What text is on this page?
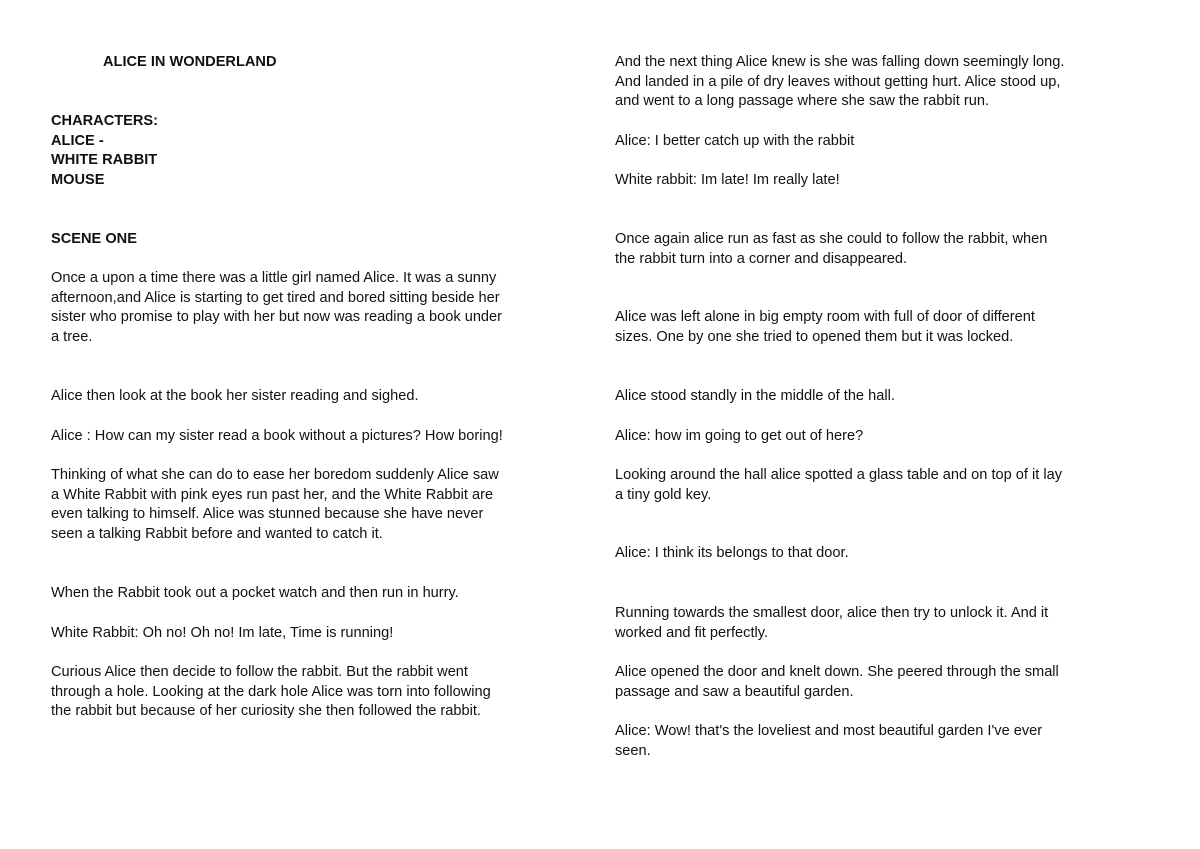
ALICE IN WONDERLAND
CHARACTERS:
ALICE -
WHITE RABBIT
MOUSE
SCENE ONE
Once a upon a time there was a little girl named Alice. It was a sunny
afternoon,and Alice is starting to get tired and bored sitting beside her
sister who promise to play with her but now was reading a book under
a tree.
Alice then look at the book her sister reading and sighed.
Alice : How can my sister read a book without a pictures? How boring!
Thinking of what she can do to ease her boredom suddenly Alice saw
a White Rabbit with pink eyes run past her, and the White Rabbit are
even talking to himself. Alice was stunned because she have never
seen a talking Rabbit before and wanted to catch it.
When the Rabbit took out a pocket watch and then run in hurry.
White Rabbit: Oh no! Oh no! Im late, Time is running!
Curious Alice then decide to follow the rabbit. But the rabbit went
through a hole. Looking at the dark hole Alice was torn into following
the rabbit but because of her curiosity she then followed the rabbit.
And the next thing Alice knew is she was falling down seemingly long.
And landed in a pile of dry leaves without getting hurt. Alice stood up,
and went to a long passage where she saw the rabbit run.
Alice: I better catch up with the rabbit
White rabbit: Im late! Im really late!
Once again alice run as fast as she could to follow the rabbit, when
the rabbit turn into a corner and disappeared.
Alice was left alone in big empty room with full of door of different
sizes. One by one she tried to opened them but it was locked.
Alice stood standly in the middle of the hall.
Alice: how im going to get out of here?
Looking around the hall alice spotted a glass table and on top of it lay
a tiny gold key.
Alice: I think its belongs to that door.
Running towards the smallest door, alice then try to unlock it. And it
worked and fit perfectly.
Alice opened the door and knelt down. She peered through the small
passage and saw a beautiful garden.
Alice: Wow! that's the loveliest and most beautiful garden I've ever
seen.
